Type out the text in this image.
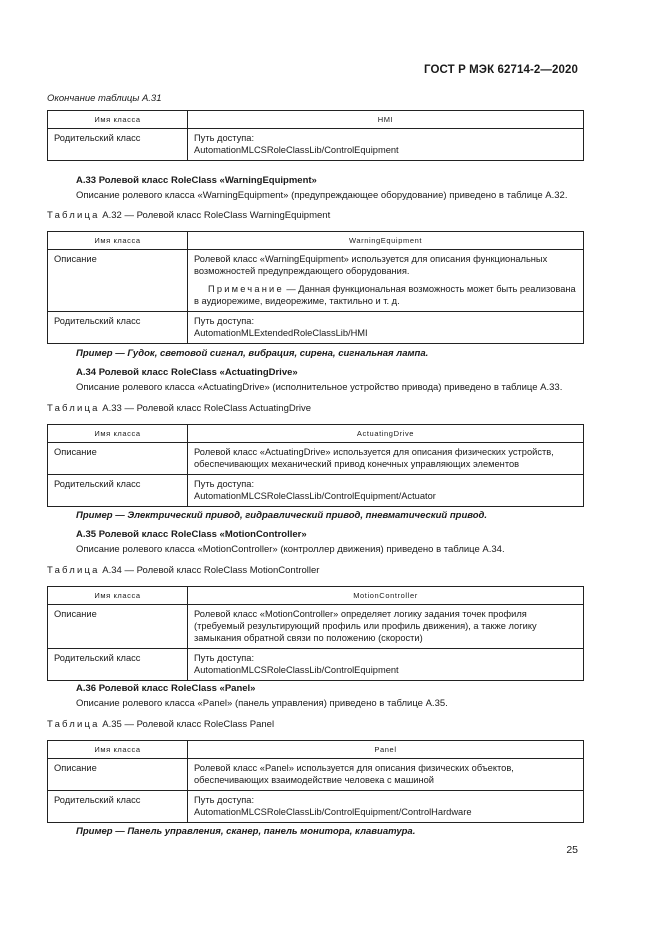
ГОСТ Р МЭК 62714-2—2020
Окончание таблицы A.31
Имя класса	HMI
Родительский класс	Путь доступа:
AutomationMLCSRoleClassLib/ControlEquipment
A.33 Ролевой класс RoleClass «WarningEquipment»
Описание ролевого класса «WarningEquipment» (предупреждающее оборудование) приведено в таблице A.32.
Таблица A.32 — Ролевой класс RoleClass WarningEquipment
Имя класса	WarningEquipment
Описание	Ролевой класс «WarningEquipment» используется для описания функциональных возможностей предупреждающего оборудования.
Примечание — Данная функциональная возможность может быть реализована в аудиорежиме, видеорежиме, тактильно и т. д.

Родительский класс	Путь доступа:
AutomationMLExtendedRoleClassLib/HMI
Пример — Гудок, световой сигнал, вибрация, сирена, сигнальная лампа.
A.34 Ролевой класс RoleClass «ActuatingDrive»
Описание ролевого класса «ActuatingDrive» (исполнительное устройство привода) приведено в таблице A.33.
Таблица A.33 — Ролевой класс RoleClass ActuatingDrive
Имя класса	ActuatingDrive
Описание	Ролевой класс «ActuatingDrive» используется для описания физических устройств, обеспечивающих механический привод конечных управляющих элементов
Родительский класс	Путь доступа:
AutomationMLCSRoleClassLib/ControlEquipment/Actuator
Пример — Электрический привод, гидравлический привод, пневматический привод.
A.35 Ролевой класс RoleClass «MotionController»
Описание ролевого класса «MotionController» (контроллер движения) приведено в таблице A.34.
Таблица A.34 — Ролевой класс RoleClass MotionController
Имя класса	MotionController
Описание	Ролевой класс «MotionController» определяет логику задания точек профиля (требуемый результирующий профиль или профиль движения), а также логику замыкания обратной связи по положению (скорости)
Родительский класс	Путь доступа:
AutomationMLCSRoleClassLib/ControlEquipment
A.36 Ролевой класс RoleClass «Panel»
Описание ролевого класса «Panel» (панель управления) приведено в таблице A.35.
Таблица A.35 — Ролевой класс RoleClass Panel
Имя класса	Panel
Описание	Ролевой класс «Panel» используется для описания физических объектов, обеспечивающих взаимодействие человека с машиной
Родительский класс	Путь доступа:
AutomationMLCSRoleClassLib/ControlEquipment/ControlHardware
Пример — Панель управления, сканер, панель монитора, клавиатура.
25
